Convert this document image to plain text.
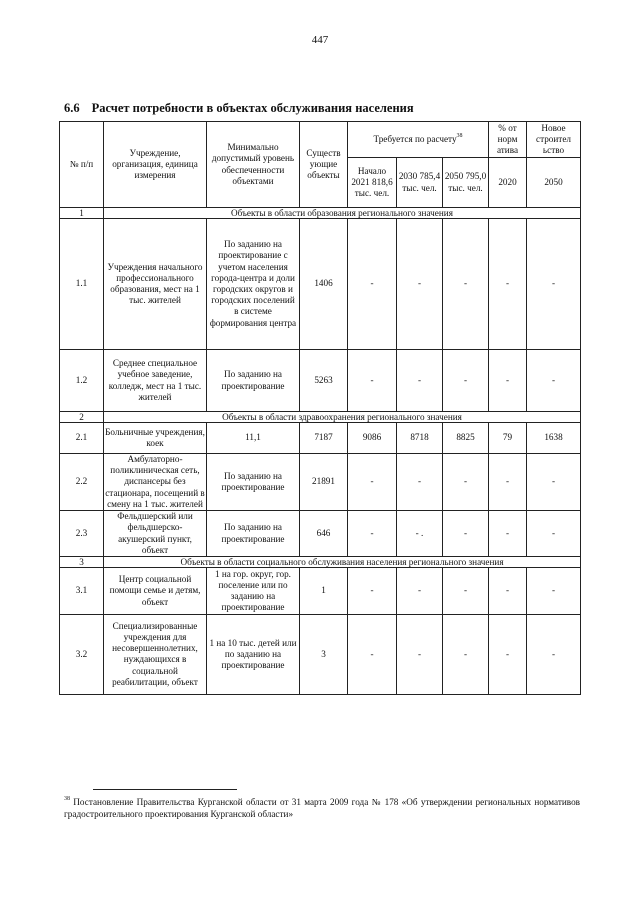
447
6.6 Расчет потребности в объектах обслуживания населения
№ п/п	Учреждение, организация, единица измерения	Минимально допустимый уровень обеспеченности объектами	Существ ующие объекты	Требуется по расчету$^{38}$			% от норм атива	Новое строител ьство
				Начало 2021 818,6 тыс. чел.	2030 785,4 тыс. чел.	2050 795,0 тыс. чел.	2020	2050
1	Объекты в области образования регионального значения							
1.1	Учреждения начального профессионального образования, мест на 1 тыс. жителей	По заданию на проектирование с учетом населения города-центра и доли городских округов и городских поселений в системе формирования центра	1406	-	-	-	-	-
1.2	Среднее специальное учебное заведение, колледж, мест на 1 тыс. жителей	По заданию на проектирование	5263	-	-	-	-	-
2	Объекты в области здравоохранения регионального значения							
2.1	Больничные учреждения, коек	11,1	7187	9086	8718	8825	79	1638
2.2	Амбулаторно-поликлиническая сеть, диспансеры без стационара, посещений в смену на 1 тыс. жителей	По заданию на проектирование	21891	-	-	-	-	-
2.3	Фельдшерский или фельдшерско-акушерский пункт, объект	По заданию на проектирование	646	-	- .	-	-	-
3	Объекты в области социального обслуживания населения регионального значения							
3.1	Центр социальной помощи семье и детям, объект	1 на гор. округ, гор. поселение или по заданию на проектирование	1	-	-	-	-	-
3.2	Специализированные учреждения для несовершеннолетних, нуждающихся в социальной реабилитации, объект	1 на 10 тыс. детей или по заданию на проектирование	3	-	-	-	-	-
$^{38}$ Постановление Правительства Курганской области от 31 марта 2009 года № 178 «Об утверждении региональных нормативов градостроительного проектирования Курганской области»
